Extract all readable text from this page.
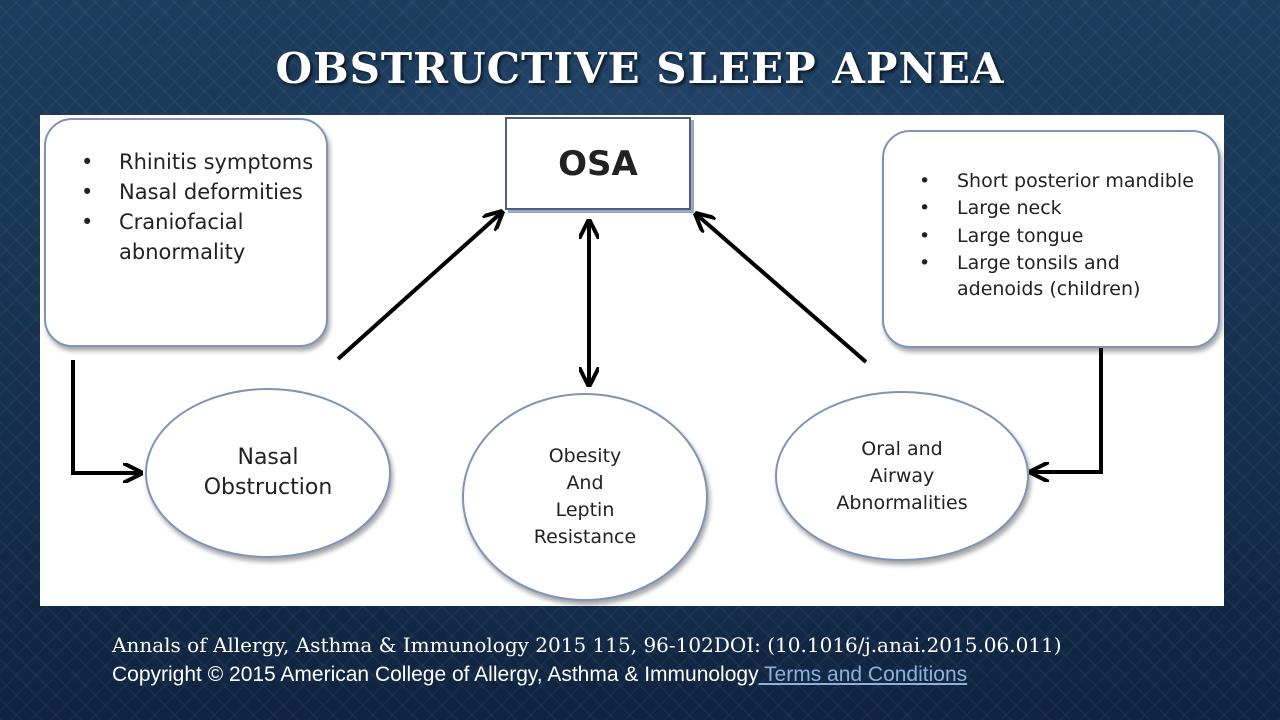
OBSTRUCTIVE SLEEP APNEA
• Rhinitis symptoms
• Nasal deformities
• Craniofacial abnormality
OSA
•	Short posterior mandible
• Large neck
• Large tongue
• Large tonsils and adenoids (children)
Nasal
Obstruction
Obesity
And
Leptin
Resistance
Oral and
Airway
Abnormalities
Annals of Allergy, Asthma & Immunology 2015 115, 96-102DOI: (10.1016/j.anai.2015.06.011)
Copyright © 2015 American College of Allergy, Asthma & Immunology Terms and Conditions
